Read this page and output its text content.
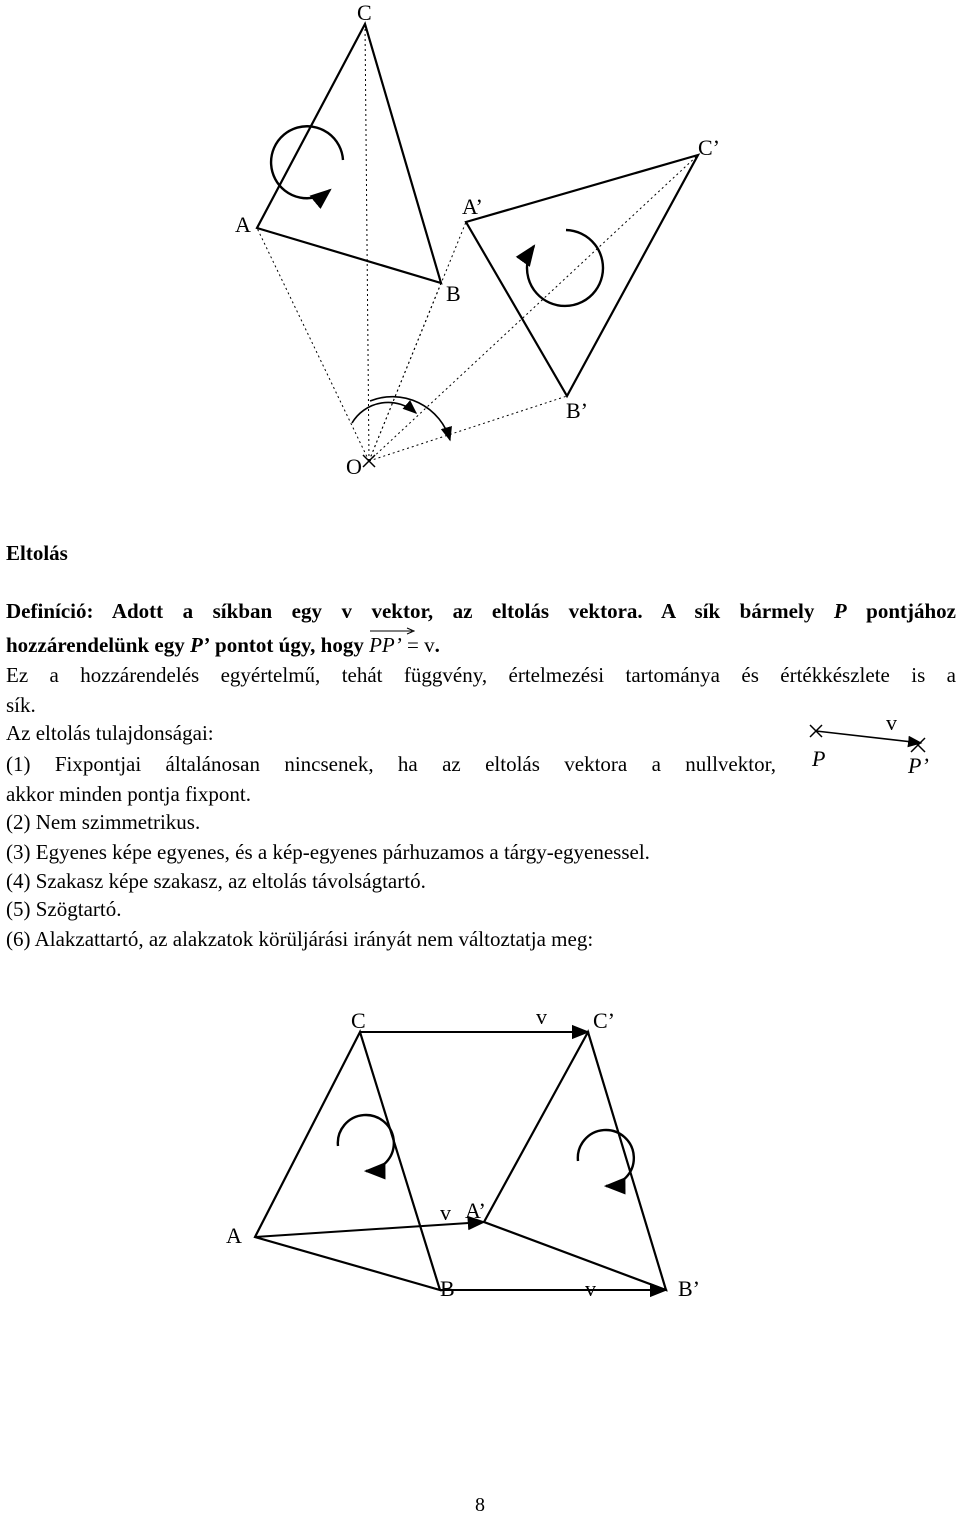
C
C’
A
A’
B
B’
O
v
P	P’
C	v C’
A
v A’
B	v	B’
Eltolás
Definíció: Adott a síkban egy v vektor, az eltolás vektora. A sík bármely P pontjához
hozzárendelünk egy P’ pontot úgy, hogy PP’
= v.
Ez a hozzárendelés egyértelmű, tehát függvény, értelmezési tartománya és értékkészlete is a
sík.
Az eltolás tulajdonságai:
(1) Fixpontjai általánosan nincsenek, ha az eltolás vektora a nullvektor,
akkor minden pontja fixpont.
(2) Nem szimmetrikus.
(3) Egyenes képe egyenes, és a kép-egyenes párhuzamos a tárgy-egyenessel.
(4) Szakasz képe szakasz, az eltolás távolságtartó.
(5) Szögtartó.
(6) Alakzattartó, az alakzatok körüljárási irányát nem változtatja meg:
8
